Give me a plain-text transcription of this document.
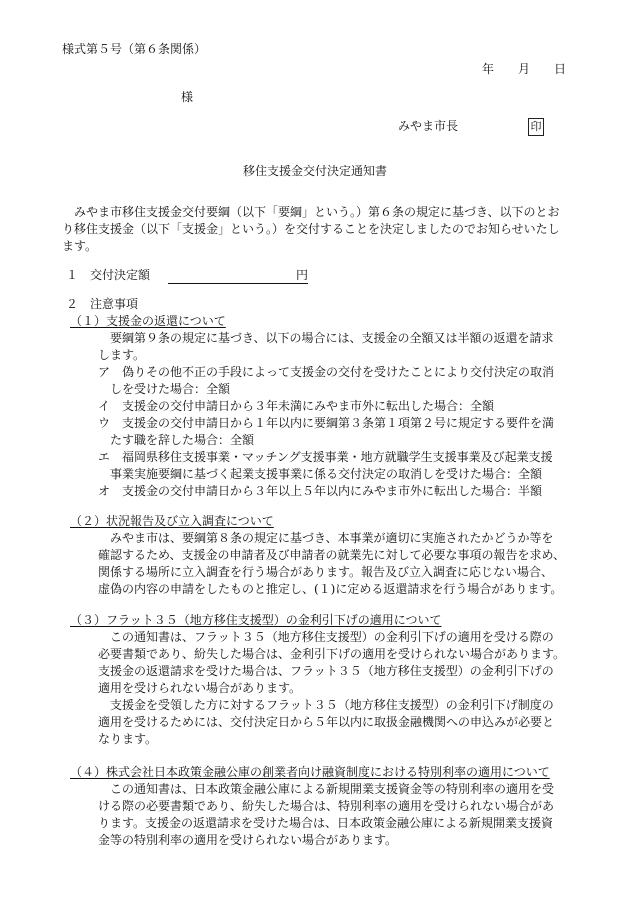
様式第５号（第６条関係）
年　　月　　日
様
みやま市長	印
移住支援金交付決定通知書
みやま市移住支援金交付要綱（以下「要綱」という。）第６条の規定に基づき、以下のとお
り移住支援金（以下「支援金」という。）を交付することを決定しましたのでお知らせいたし
ます。
１　交付決定額	円
２　注意事項
（１）支援金の返還について
要綱第９条の規定に基づき、以下の場合には、支援金の全額又は半額の返還を請求
します。
ア　偽りその他不正の手段によって支援金の交付を受けたことにより交付決定の取消
しを受けた場合：全額
イ　支援金の交付申請日から３年未満にみやま市外に転出した場合：全額
ウ　支援金の交付申請日から１年以内に要綱第３条第１項第２号に規定する要件を満
たす職を辞した場合：全額
エ　福岡県移住支援事業・マッチング支援事業・地方就職学生支援事業及び起業支援
事業実施要綱に基づく起業支援事業に係る交付決定の取消しを受けた場合：全額
オ　支援金の交付申請日から３年以上５年以内にみやま市外に転出した場合：半額
（２）状況報告及び立入調査について
みやま市は、要綱第８条の規定に基づき、本事業が適切に実施されたかどうか等を
確認するため、支援金の申請者及び申請者の就業先に対して必要な事項の報告を求め、
関係する場所に立入調査を行う場合があります。報告及び立入調査に応じない場合、
虚偽の内容の申請をしたものと推定し、(１)に定める返還請求を行う場合があります。
（３）フラット３５（地方移住支援型）の金利引下げの適用について
この通知書は、フラット３５（地方移住支援型）の金利引下げの適用を受ける際の
必要書類であり、紛失した場合は、金利引下げの適用を受けられない場合があります。
支援金の返還請求を受けた場合は、フラット３５（地方移住支援型）の金利引下げの
適用を受けられない場合があります。
支援金を受領した方に対するフラット３５（地方移住支援型）の金利引下げ制度の
適用を受けるためには、交付決定日から５年以内に取扱金融機関への申込みが必要と
なります。
（４）株式会社日本政策金融公庫の創業者向け融資制度における特別利率の適用について
この通知書は、日本政策金融公庫による新規開業支援資金等の特別利率の適用を受
ける際の必要書類であり、紛失した場合は、特別利率の適用を受けられない場合があ
ります。支援金の返還請求を受けた場合は、日本政策金融公庫による新規開業支援資
金等の特別利率の適用を受けられない場合があります。
